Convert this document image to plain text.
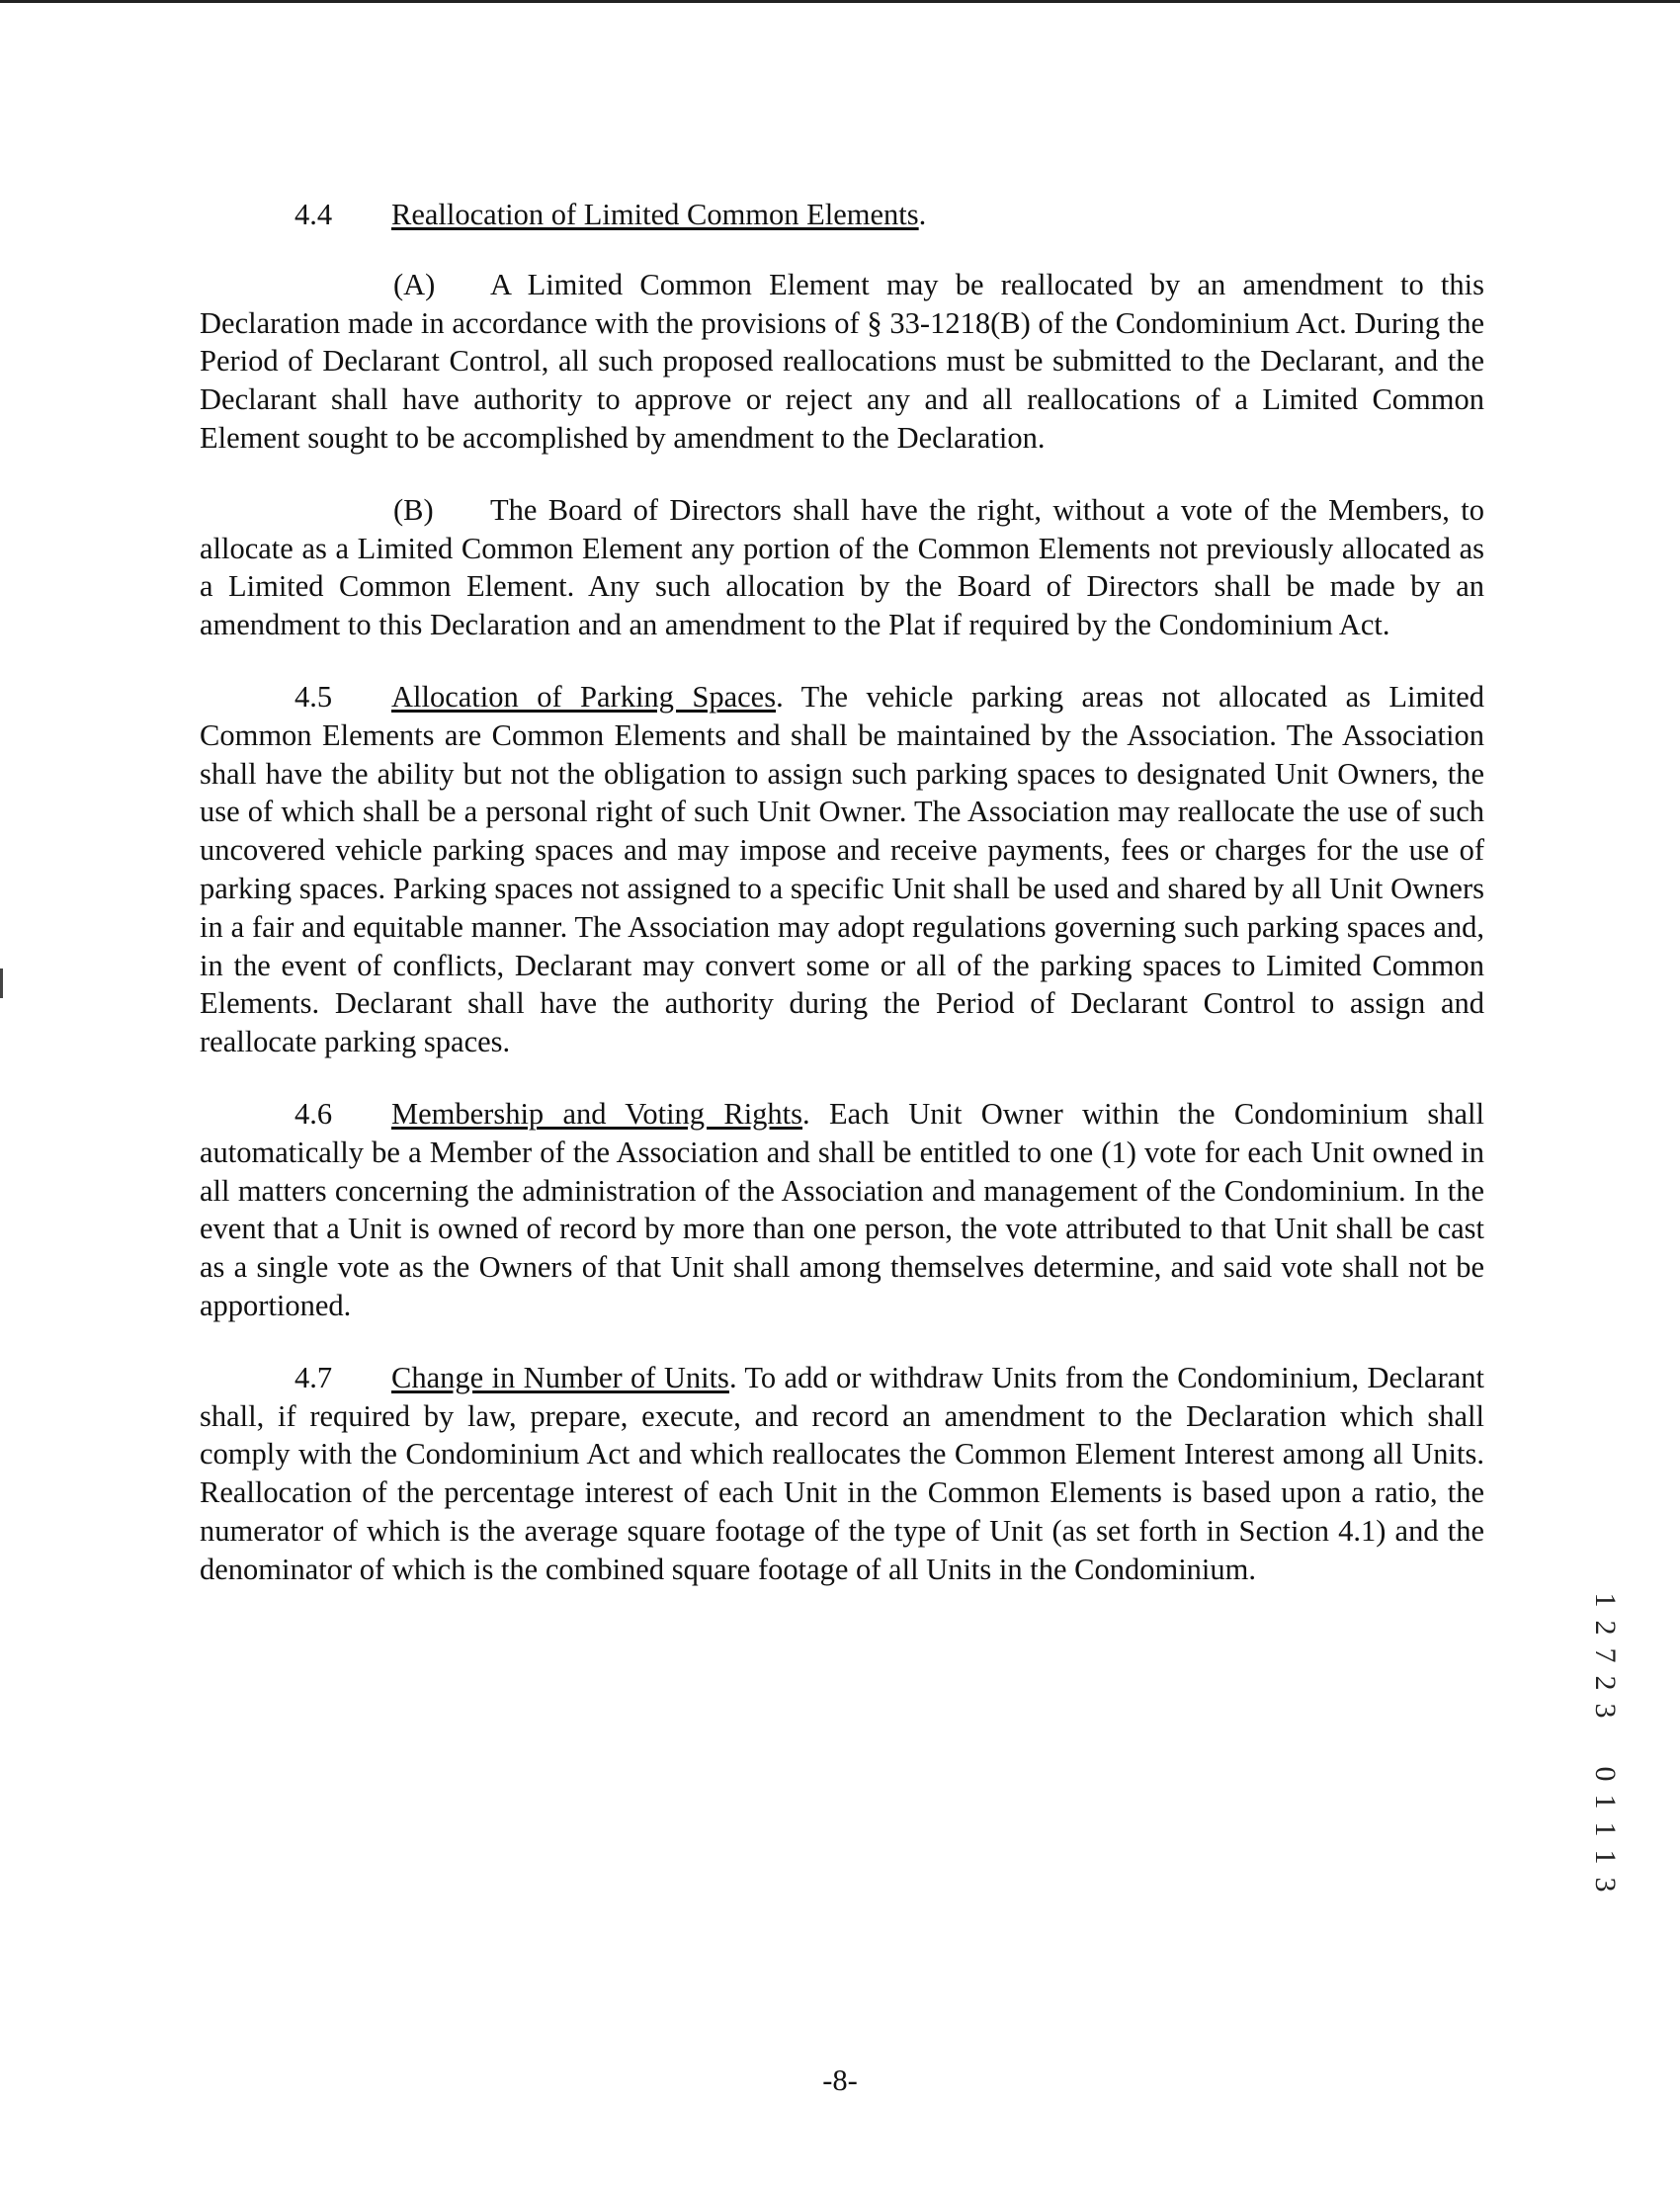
4.4 Reallocation of Limited Common Elements.

(A) A Limited Common Element may be reallocated by an amendment to this Declaration made in accordance with the provisions of § 33-1218(B) of the Condominium Act. During the Period of Declarant Control, all such proposed reallocations must be submitted to the Declarant, and the Declarant shall have authority to approve or reject any and all reallocations of a Limited Common Element sought to be accomplished by amendment to the Declaration.

(B) The Board of Directors shall have the right, without a vote of the Members, to allocate as a Limited Common Element any portion of the Common Elements not previously allocated as a Limited Common Element. Any such allocation by the Board of Directors shall be made by an amendment to this Declaration and an amendment to the Plat if required by the Condominium Act.

4.5 Allocation of Parking Spaces. The vehicle parking areas not allocated as Limited Common Elements are Common Elements and shall be maintained by the Association. The Association shall have the ability but not the obligation to assign such parking spaces to designated Unit Owners, the use of which shall be a personal right of such Unit Owner. The Association may reallocate the use of such uncovered vehicle parking spaces and may impose and receive payments, fees or charges for the use of parking spaces. Parking spaces not assigned to a specific Unit shall be used and shared by all Unit Owners in a fair and equitable manner. The Association may adopt regulations governing such parking spaces and, in the event of conflicts, Declarant may convert some or all of the parking spaces to Limited Common Elements. Declarant shall have the authority during the Period of Declarant Control to assign and reallocate parking spaces.

4.6 Membership and Voting Rights. Each Unit Owner within the Condominium shall automatically be a Member of the Association and shall be entitled to one (1) vote for each Unit owned in all matters concerning the administration of the Association and management of the Condominium. In the event that a Unit is owned of record by more than one person, the vote attributed to that Unit shall be cast as a single vote as the Owners of that Unit shall among themselves determine, and said vote shall not be apportioned.

4.7 Change in Number of Units. To add or withdraw Units from the Condominium, Declarant shall, if required by law, prepare, execute, and record an amendment to the Declaration which shall comply with the Condominium Act and which reallocates the Common Element Interest among all Units. Reallocation of the percentage interest of each Unit in the Common Elements is based upon a ratio, the numerator of which is the average square footage of the type of Unit (as set forth in Section 4.1) and the denominator of which is the combined square footage of all Units in the Condominium.

1
2
7
2
3
0
1
1
1
3
-8-
